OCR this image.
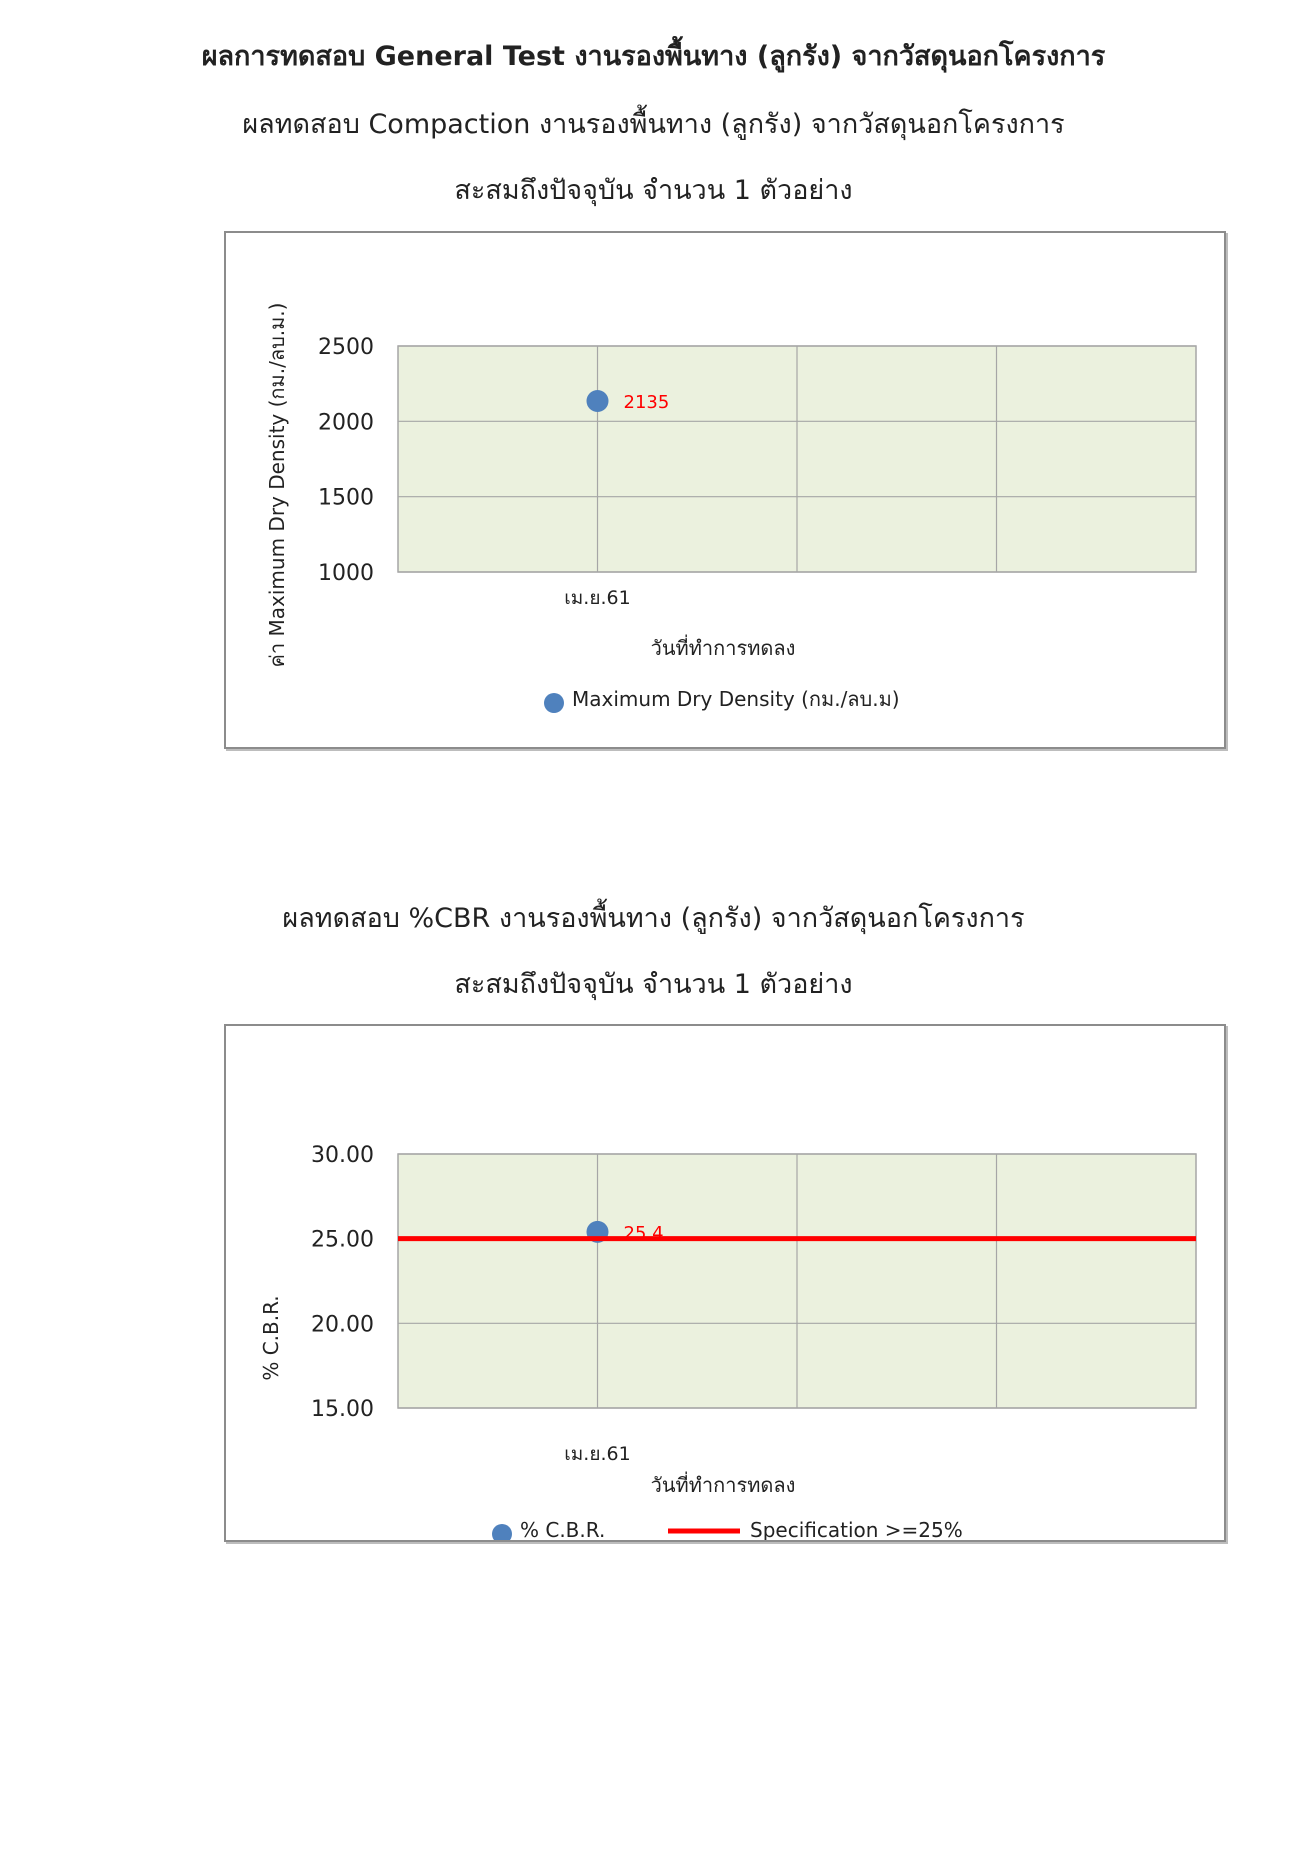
ผลการทดสอบ General Test งานรองพื้นทาง (ลูกรัง) จากวัสดุนอกโครงการ
ผลทดสอบ Compaction งานรองพื้นทาง (ลูกรัง) จากวัสดุนอกโครงการ
สะสมถึงปัจจุบัน จำนวน 1 ตัวอย่าง
2500
2000
1500
1000
เม.ย.61
ค่า Maximum Dry Density (กม./ลบ.ม.)	วันที่ทำการทดลง
2135
Maximum Dry Density (กม./ลบ.ม)
ผลทดสอบ %CBR งานรองพื้นทาง (ลูกรัง) จากวัสดุนอกโครงการ
สะสมถึงปัจจุบัน จำนวน 1 ตัวอย่าง
30.00
25.00
20.00
15.00
เม.ย.61
% C.B.R.
วันที่ทำการทดลง
25.4
% C.B.R.	Specification >=25%
